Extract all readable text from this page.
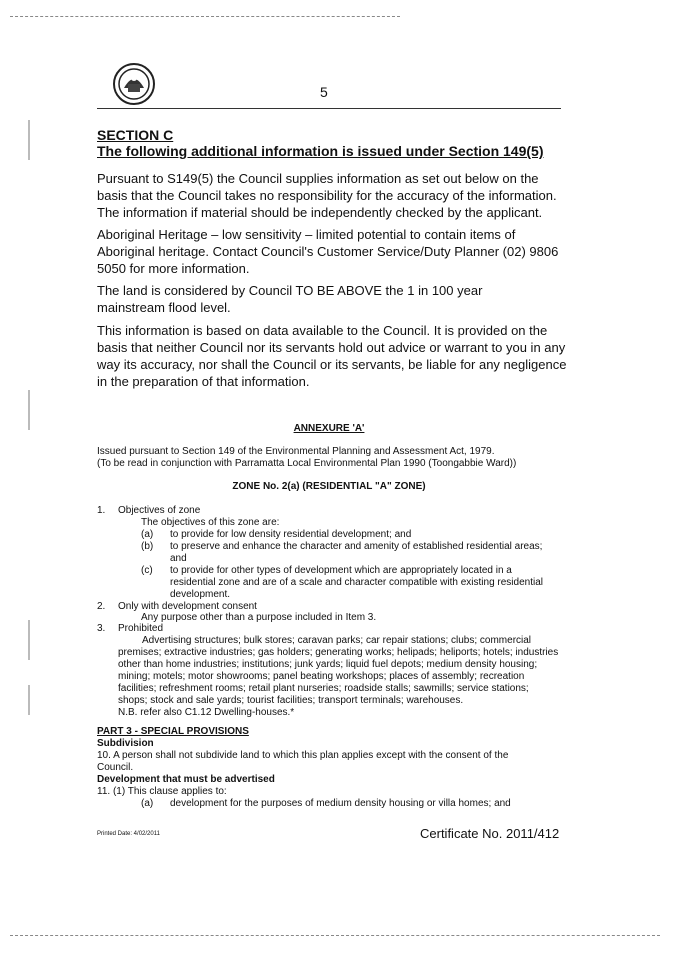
5
SECTION C
The following additional information is issued under Section 149(5)
Pursuant to S149(5) the Council supplies information as set out below on the basis that the Council takes no responsibility for the accuracy of the information. The information if material should be independently checked by the applicant.
Aboriginal Heritage – low sensitivity – limited potential to contain items of Aboriginal heritage. Contact Council's Customer Service/Duty Planner (02) 9806 5050 for more information.
The land is considered by Council TO BE ABOVE the 1 in 100 year mainstream flood level.
This information is based on data available to the Council. It is provided on the basis that neither Council nor its servants hold out advice or warrant to you in any way its accuracy, nor shall the Council or its servants, be liable for any negligence in the preparation of that information.
ANNEXURE 'A'
Issued pursuant to Section 149 of the Environmental Planning and Assessment Act, 1979.
(To be read in conjunction with Parramatta Local Environmental Plan 1990 (Toongabbie Ward))
ZONE No. 2(a) (RESIDENTIAL "A" ZONE)
1. Objectives of zone
The objectives of this zone are:
(a) to provide for low density residential development; and
(b) to preserve and enhance the character and amenity of established residential areas; and
(c) to provide for other types of development which are appropriately located in a residential zone and are of a scale and character compatible with existing residential development.
2. Only with development consent
Any purpose other than a purpose included in Item 3.
3. Prohibited
Advertising structures; bulk stores; caravan parks; car repair stations; clubs; commercial premises; extractive industries; gas holders; generating works; helipads; heliports; hotels; industries other than home industries; institutions; junk yards; liquid fuel depots; medium density housing; mining; motels; motor showrooms; panel beating workshops; places of assembly; recreation facilities; refreshment rooms; retail plant nurseries; roadside stalls; sawmills; service stations; shops; stock and sale yards; tourist facilities; transport terminals; warehouses.
N.B. refer also C1.12 Dwelling-houses.*
PART 3 - SPECIAL PROVISIONS
Subdivision
10. A person shall not subdivide land to which this plan applies except with the consent of the Council.
Development that must be advertised
11. (1) This clause applies to:
(a) development for the purposes of medium density housing or villa homes; and
Printed Date: 4/02/2011	Certificate No. 2011/412
